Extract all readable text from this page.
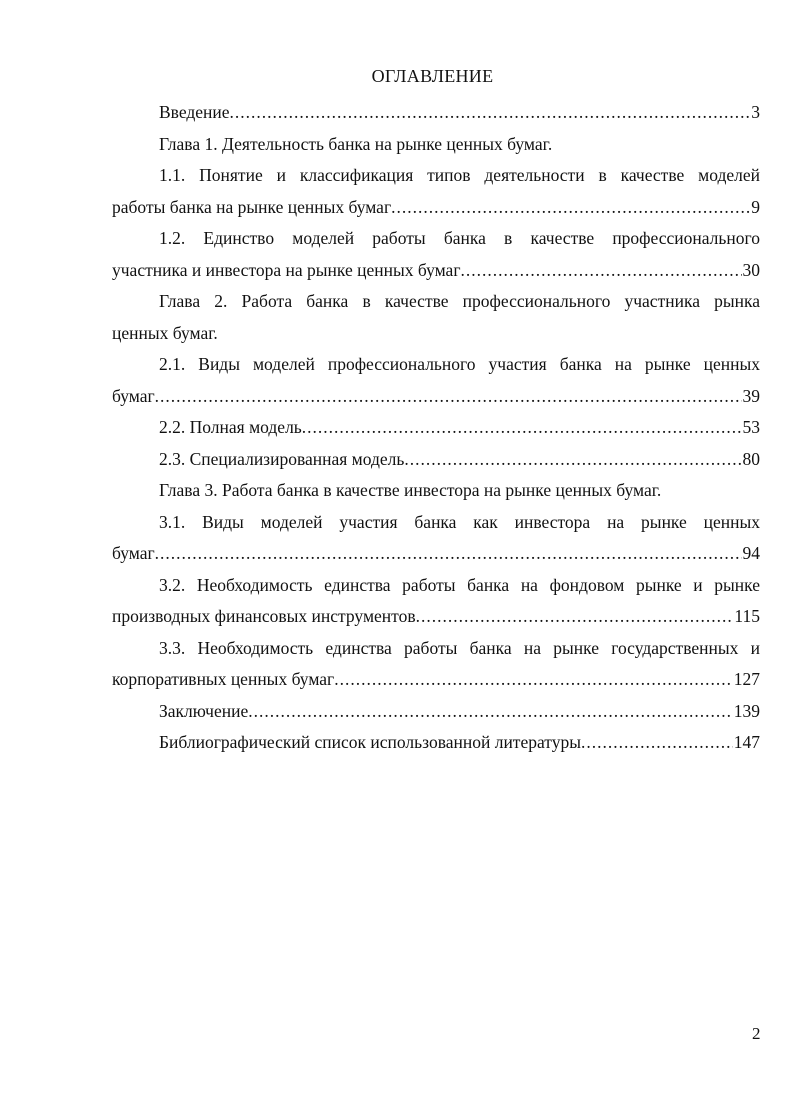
ОГЛАВЛЕНИЕ
Введение .....	3
Глава 1. Деятельность банка на рынке ценных бумаг.
1.1. Понятие и классификация типов деятельности в качестве моделей
работы банка на рынке ценных бумаг .....	9
1.2. Единство моделей работы банка в качестве профессионального
участника и инвестора на рынке ценных бумаг .....	30
Глава 2. Работа банка в качестве профессионального участника рынка
ценных бумаг.
2.1. Виды моделей профессионального участия банка на рынке ценных
бумаг .....	39
2.2. Полная модель .....	53
2.3. Специализированная модель .....	80
Глава 3. Работа банка в качестве инвестора на рынке ценных бумаг.
3.1. Виды моделей участия банка как инвестора на рынке ценных
бумаг .....	94
3.2. Необходимость единства работы банка на фондовом рынке и рынке
производных финансовых инструментов .....	115
3.3. Необходимость единства работы банка на рынке государственных и
корпоративных ценных бумаг .....	127
Заключение .....	139
Библиографический список использованной литературы .....	147
2
